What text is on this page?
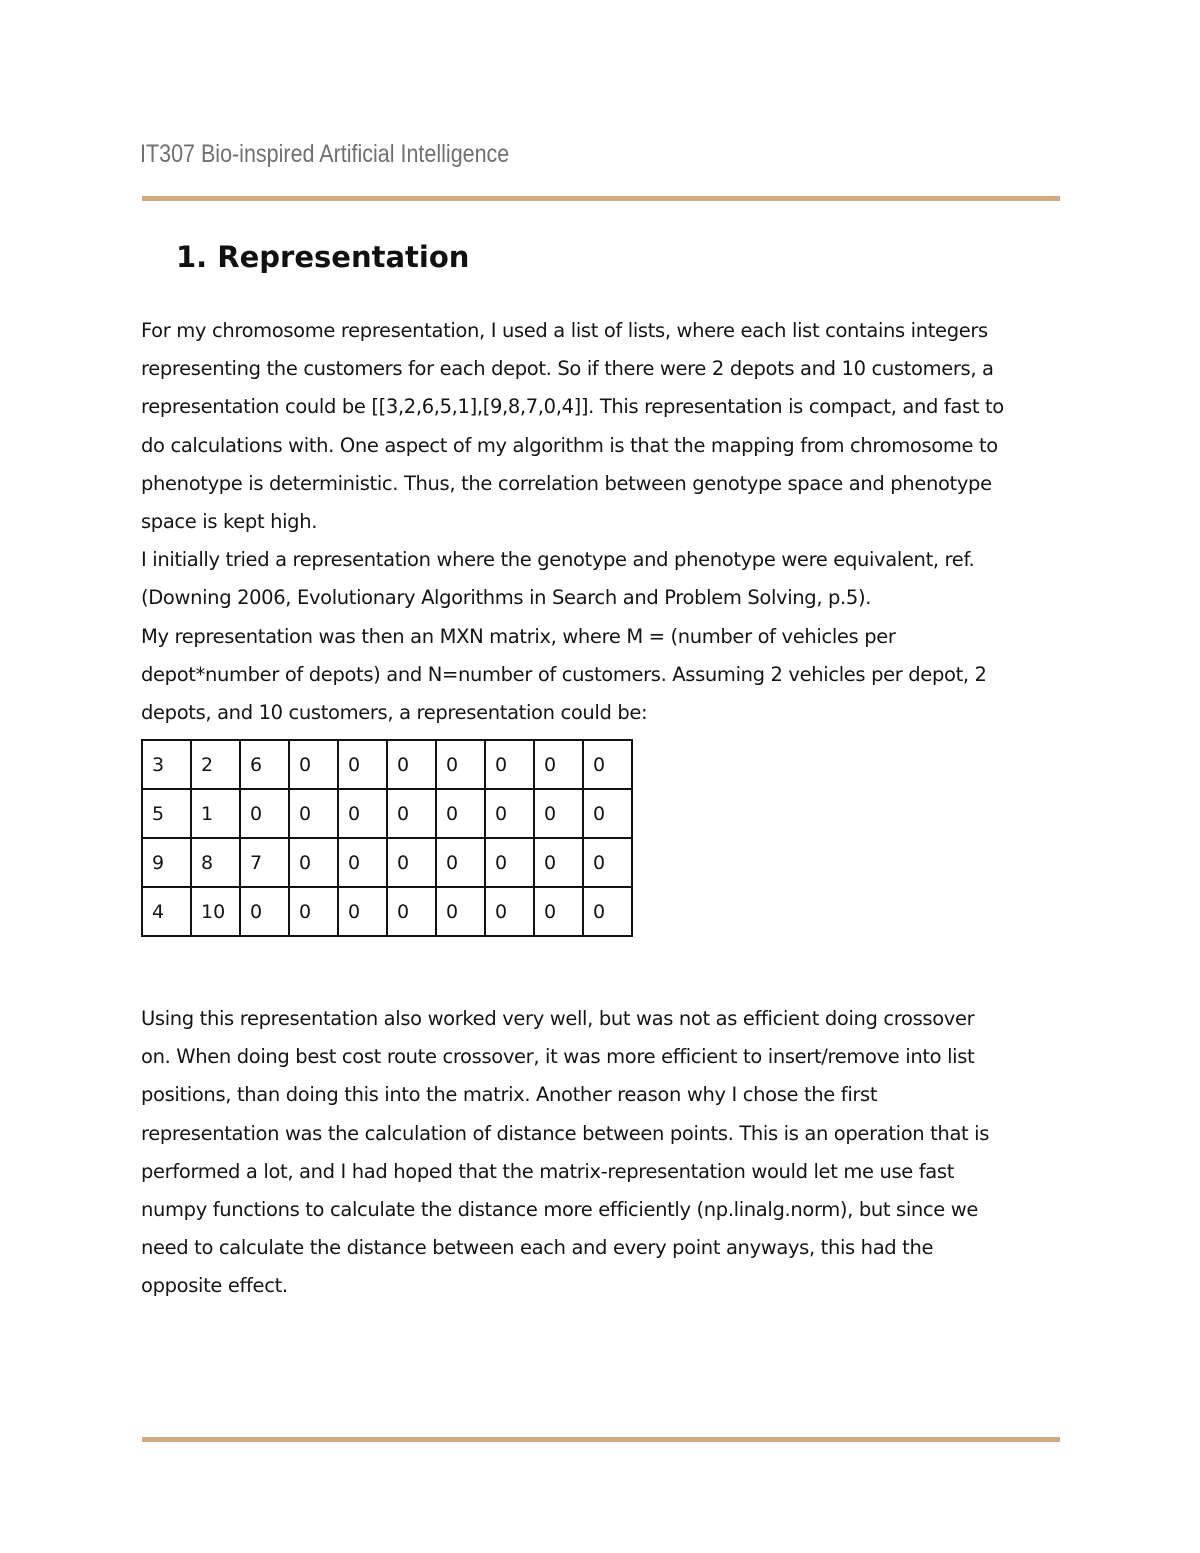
IT307 Bio-inspired Artificial Intelligence
1. Representation
For my chromosome representation, I used a list of lists, where each list contains integers
representing the customers for each depot. So if there were 2 depots and 10 customers, a
representation could be [[3,2,6,5,1],[9,8,7,0,4]]. This representation is compact, and fast to
do calculations with. One aspect of my algorithm is that the mapping from chromosome to
phenotype is deterministic. Thus, the correlation between genotype space and phenotype
space is kept high.
I initially tried a representation where the genotype and phenotype were equivalent, ref.
(Downing 2006, Evolutionary Algorithms in Search and Problem Solving, p.5).
My representation was then an MXN matrix, where M = (number of vehicles per
depot*number of depots) and N=number of customers. Assuming 2 vehicles per depot, 2
depots, and 10 customers, a representation could be:
3	2	6	0	0	0	0	0	0	0
5	1	0	0	0	0	0	0	0	0
9	8	7	0	0	0	0	0	0	0
4	10	0	0	0	0	0	0	0	0
Using this representation also worked very well, but was not as efficient doing crossover
on. When doing best cost route crossover, it was more efficient to insert/remove into list
positions, than doing this into the matrix. Another reason why I chose the first
representation was the calculation of distance between points. This is an operation that is
performed a lot, and I had hoped that the matrix-representation would let me use fast
numpy functions to calculate the distance more efficiently (np.linalg.norm), but since we
need to calculate the distance between each and every point anyways, this had the
opposite effect.
